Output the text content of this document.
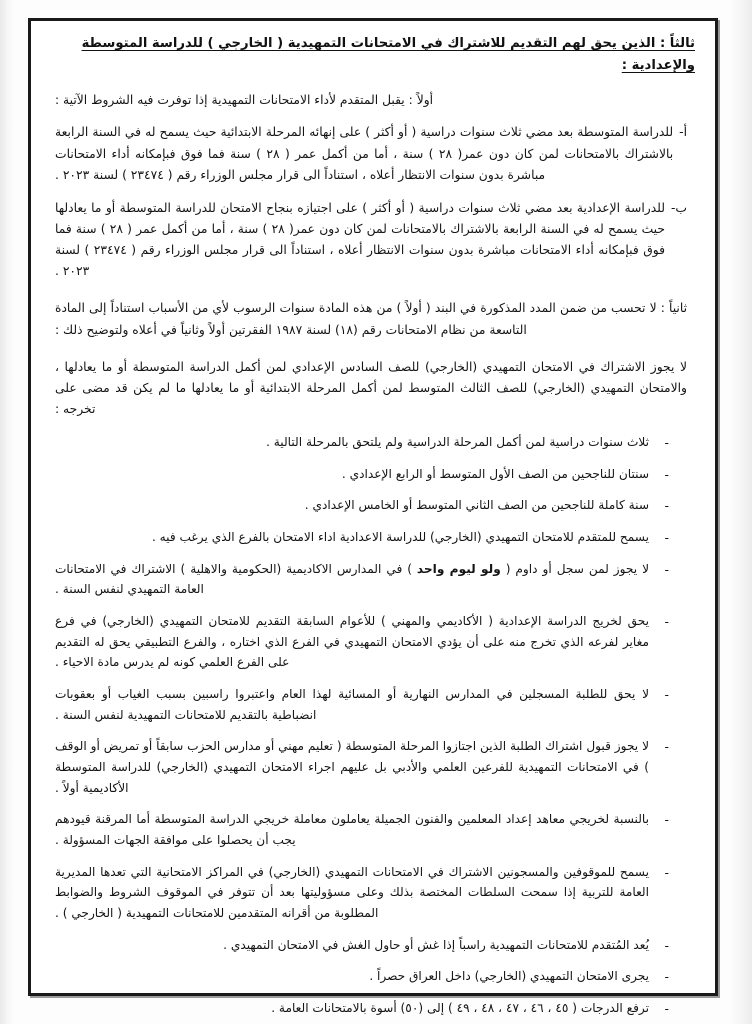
ثالثاً : الذين يحق لهم التقديم للاشتراك في الامتحانات التمهيدية ( الخارجي ) للدراسة المتوسطة
والإعدادية :
أولاً : يقبل المتقدم لأداء الامتحانات التمهيدية إذا توفرت فيه الشروط الآتية :
أ-
للدراسة المتوسطة بعد مضي ثلاث سنوات دراسية ( أو أكثر ) على إنهائه المرحلة الابتدائية حيث يسمح له في السنة الرابعة بالاشتراك بالامتحانات لمن كان دون عمر( ٢٨ ) سنة ، أما من أكمل عمر ( ٢٨ ) سنة فما فوق فبإمكانه أداء الامتحانات مباشرة بدون سنوات الانتظار أعلاه ، استناداً الى قرار مجلس الوزراء رقم ( ٢٣٤٧٤ ) لسنة ٢٠٢٣ .
ب-
للدراسة الإعدادية بعد مضي ثلاث سنوات دراسية ( أو أكثر ) على اجتيازه بنجاح الامتحان للدراسة المتوسطة أو ما يعادلها حيث يسمح له في السنة الرابعة بالاشتراك بالامتحانات لمن كان دون عمر( ٢٨ ) سنة ، أما من أكمل عمر ( ٢٨ ) سنة فما فوق فبإمكانه أداء الامتحانات مباشرة بدون سنوات الانتظار أعلاه ، استناداً الى قرار مجلس الوزراء رقم ( ٢٣٤٧٤ ) لسنة ٢٠٢٣ .
ثانياً : لا تحسب من ضمن المدد المذكورة في البند ( أولاً ) من هذه المادة سنوات الرسوب لأي من الأسباب استناداً إلى المادة التاسعة من نظام الامتحانات رقم (١٨) لسنة ١٩٨٧ الفقرتين أولاً وثانياً في أعلاه ولتوضيح ذلك :
لا يجوز الاشتراك في الامتحان التمهيدي (الخارجي) للصف السادس الإعدادي لمن أكمل الدراسة المتوسطة أو ما يعادلها ، والامتحان التمهيدي (الخارجي) للصف الثالث المتوسط لمن أكمل المرحلة الابتدائية أو ما يعادلها ما لم يكن قد مضى على تخرجه :
- ثلاث سنوات دراسية لمن أكمل المرحلة الدراسية ولم يلتحق بالمرحلة التالية .
- سنتان للناجحين من الصف الأول المتوسط أو الرابع الإعدادي .
- سنة كاملة للناجحين من الصف الثاني المتوسط أو الخامس الإعدادي .
- يسمح للمتقدم للامتحان التمهيدي (الخارجي) للدراسة الاعدادية اداء الامتحان بالفرع الذي يرغب فيه .
- لا يجوز لمن سجل أو داوم ( ولو ليوم واحد ) في المدارس الاكاديمية (الحكومية والاهلية ) الاشتراك في الامتحانات العامة التمهيدي لنفس السنة .
- يحق لخريج الدراسة الإعدادية ( الأكاديمي والمهني ) للأعوام السابقة التقديم للامتحان التمهيدي (الخارجي) في فرع مغاير لفرعه الذي تخرج منه على أن يؤدي الامتحان التمهيدي في الفرع الذي اختاره ، والفرع التطبيقي يحق له التقديم على الفرع العلمي كونه لم يدرس مادة الاحياء .
- لا يحق للطلبة المسجلين في المدارس النهارية أو المسائية لهذا العام واعتبروا راسبين بسبب الغياب أو بعقوبات انضباطية بالتقديم للامتحانات التمهيدية لنفس السنة .
- لا يجوز قبول اشتراك الطلبة الذين اجتازوا المرحلة المتوسطة ( تعليم مهني أو مدارس الحزب سابقاً أو تمريض أو الوقف ) في الامتحانات التمهيدية للفرعين العلمي والأدبي بل عليهم اجراء الامتحان التمهيدي (الخارجي) للدراسة المتوسطة الأكاديمية أولاً .
- بالنسبة لخريجي معاهد إعداد المعلمين والفنون الجميلة يعاملون معاملة خريجي الدراسة المتوسطة أما المرقنة قيودهم يجب أن يحصلوا على موافقة الجهات المسؤولة .
- يسمح للموقوفين والمسجونين الاشتراك في الامتحانات التمهيدي (الخارجي) في المراكز الامتحانية التي تعدها المديرية العامة للتربية إذا سمحت السلطات المختصة بذلك وعلى مسؤوليتها بعد أن تتوفر في الموقوف الشروط والضوابط المطلوبة من أقرانه المتقدمين للامتحانات التمهيدية ( الخارجي ) .
- يُعد المُتقدم للامتحانات التمهيدية راسباً إذا غش أو حاول الغش في الامتحان التمهيدي .
- يجرى الامتحان التمهيدي (الخارجي) داخل العراق حصراً .
- ترفع الدرجات ( ٤٥ ، ٤٦ ، ٤٧ ، ٤٨ ، ٤٩ ) إلى (٥٠) أسوة بالامتحانات العامة .
